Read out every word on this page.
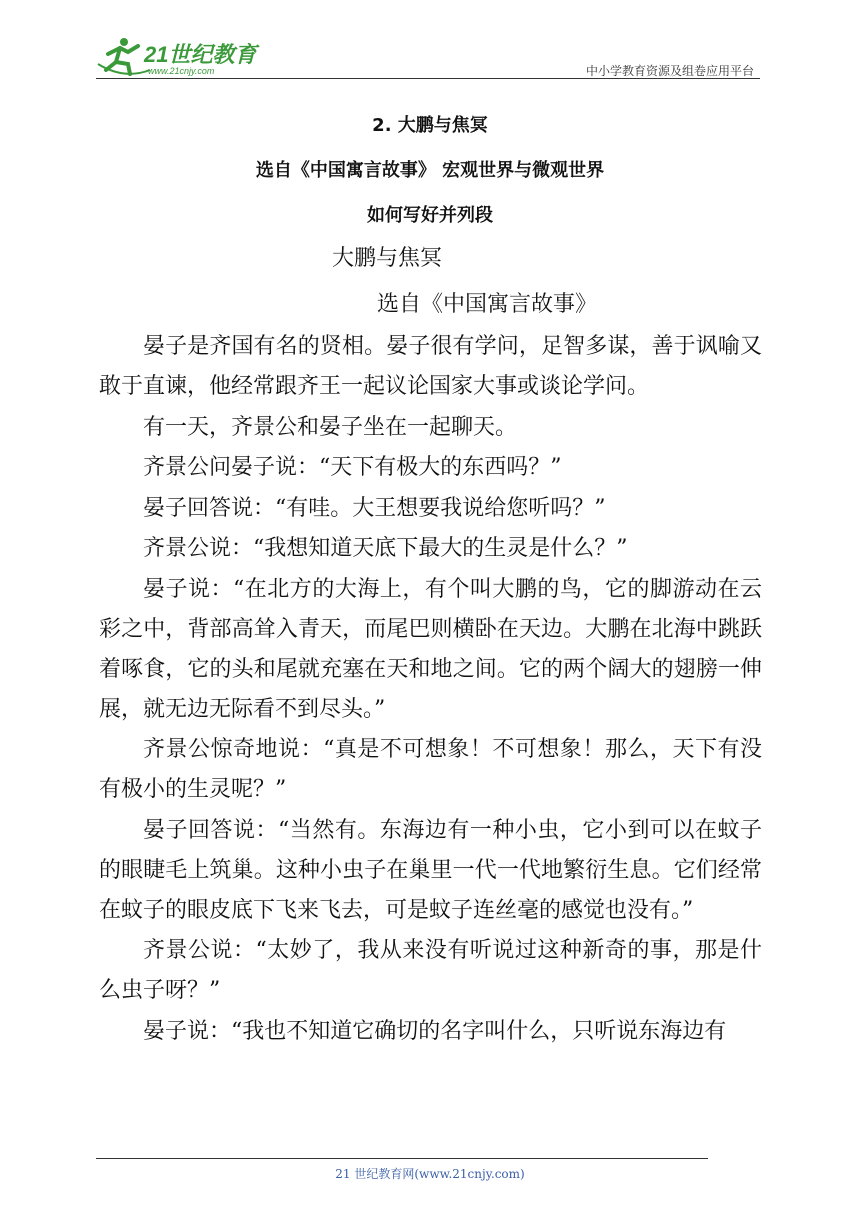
21世纪教育
www.21cnjy.com	中小学教育资源及组卷应用平台
2. 大鹏与焦冥
选自《中国寓言故事》 宏观世界与微观世界
如何写好并列段
大鹏与焦冥
选自《中国寓言故事》

晏子是齐国有名的贤相。晏子很有学问，足智多谋，善于讽喻又敢于直谏，他经常跟齐王一起议论国家大事或谈论学问。

有一天，齐景公和晏子坐在一起聊天。

齐景公问晏子说：“天下有极大的东西吗？”

晏子回答说：“有哇。大王想要我说给您听吗？”

齐景公说：“我想知道天底下最大的生灵是什么？”

晏子说：“在北方的大海上，有个叫大鹏的鸟，它的脚游动在云彩之中，背部高耸入青天，而尾巴则横卧在天边。大鹏在北海中跳跃着啄食，它的头和尾就充塞在天和地之间。它的两个阔大的翅膀一伸展，就无边无际看不到尽头。”

齐景公惊奇地说：“真是不可想象！不可想象！那么，天下有没有极小的生灵呢？”

晏子回答说：“当然有。东海边有一种小虫，它小到可以在蚊子的眼睫毛上筑巢。这种小虫子在巢里一代一代地繁衍生息。它们经常在蚊子的眼皮底下飞来飞去，可是蚊子连丝毫的感觉也没有。”

齐景公说：“太妙了，我从来没有听说过这种新奇的事，那是什么虫子呀？”

晏子说：“我也不知道它确切的名字叫什么，只听说东海边有

21 世纪教育网(www.21cnjy.com)
